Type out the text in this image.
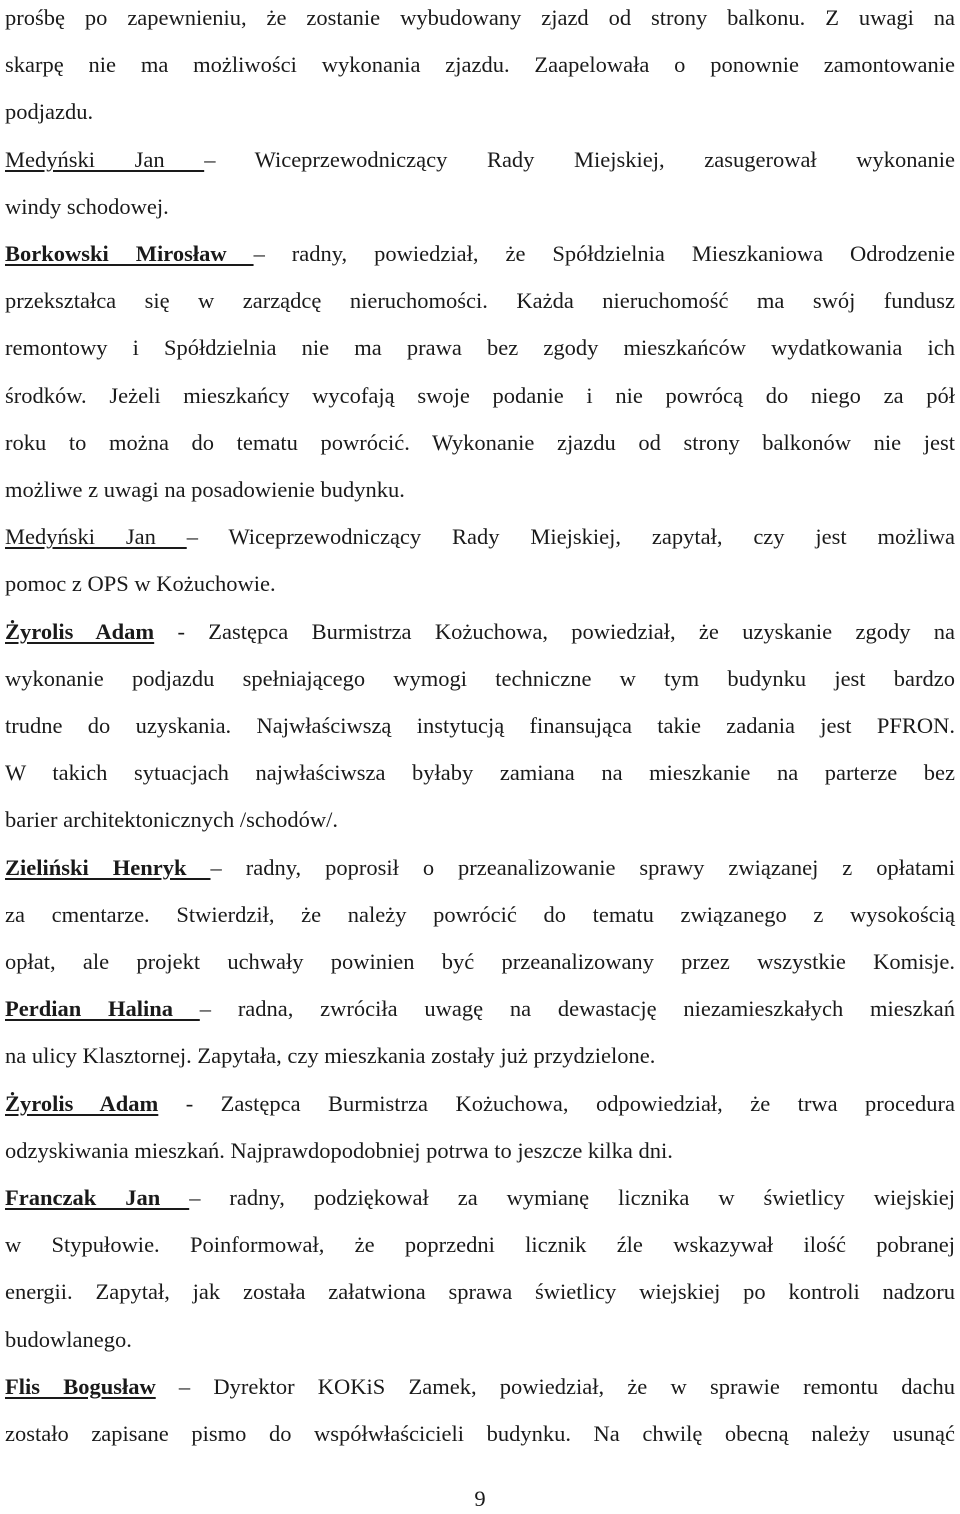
prośbę po zapewnieniu, że zostanie wybudowany zjazd od strony balkonu. Z uwagi na
skarpę nie ma możliwości wykonania zjazdu. Zaapelowała o ponownie zamontowanie
podjazdu.
Medyński Jan – Wiceprzewodniczący Rady Miejskiej, zasugerował wykonanie
windy schodowej.
Borkowski Mirosław – radny, powiedział, że Spółdzielnia Mieszkaniowa Odrodzenie
przekształca się w zarządcę nieruchomości. Każda nieruchomość ma swój fundusz
remontowy i Spółdzielnia nie ma prawa bez zgody mieszkańców wydatkowania ich
środków. Jeżeli mieszkańcy wycofają swoje podanie i nie powrócą do niego za pół
roku to można do tematu powrócić. Wykonanie zjazdu od strony balkonów nie jest
możliwe z uwagi na posadowienie budynku.
Medyński Jan – Wiceprzewodniczący Rady Miejskiej, zapytał, czy jest możliwa
pomoc z OPS w Kożuchowie.
Żyrolis Adam - Zastępca Burmistrza Kożuchowa, powiedział, że uzyskanie zgody na
wykonanie podjazdu spełniającego wymogi techniczne w tym budynku jest bardzo
trudne do uzyskania. Najwłaściwszą instytucją finansująca takie zadania jest PFRON.
W takich sytuacjach najwłaściwsza byłaby zamiana na mieszkanie na parterze bez
barier architektonicznych /schodów/.
Zieliński Henryk – radny, poprosił o przeanalizowanie sprawy związanej z opłatami
za cmentarze. Stwierdził, że należy powrócić do tematu związanego z wysokością
opłat, ale projekt uchwały powinien być przeanalizowany przez wszystkie Komisje.
Perdian Halina – radna, zwróciła uwagę na dewastację niezamieszkałych mieszkań
na ulicy Klasztornej. Zapytała, czy mieszkania zostały już przydzielone.
Żyrolis Adam - Zastępca Burmistrza Kożuchowa, odpowiedział, że trwa procedura
odzyskiwania mieszkań. Najprawdopodobniej potrwa to jeszcze kilka dni.
Franczak Jan – radny, podziękował za wymianę licznika w świetlicy wiejskiej
w Stypułowie. Poinformował, że poprzedni licznik źle wskazywał ilość pobranej
energii. Zapytał, jak została załatwiona sprawa świetlicy wiejskiej po kontroli nadzoru
budowlanego.
Flis Bogusław – Dyrektor KOKiS Zamek, powiedział, że w sprawie remontu dachu
zostało zapisane pismo do współwłaścicieli budynku. Na chwilę obecną należy usunąć
9
